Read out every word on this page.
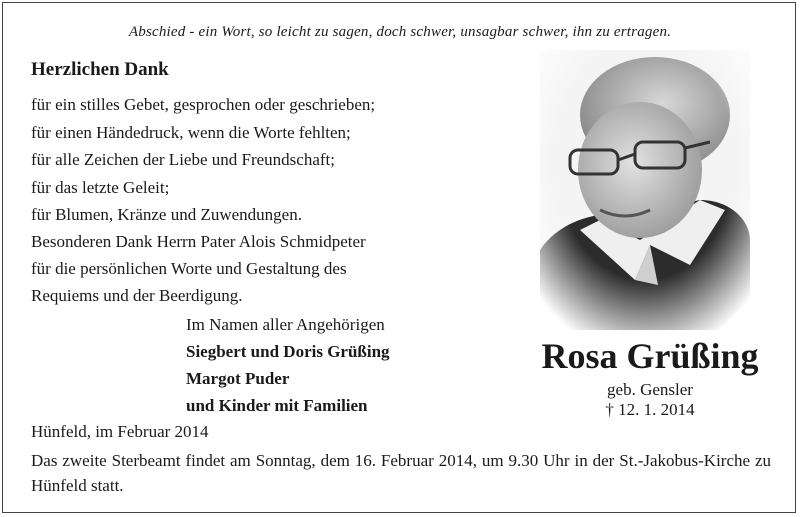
Abschied - ein Wort, so leicht zu sagen, doch schwer, unsagbar schwer, ihn zu ertragen.
Herzlichen Dank
für ein stilles Gebet, gesprochen oder geschrieben;
für einen Händedruck, wenn die Worte fehlten;
für alle Zeichen der Liebe und Freundschaft;
für das letzte Geleit;
für Blumen, Kränze und Zuwendungen.
Besonderen Dank Herrn Pater Alois Schmidpeter
für die persönlichen Worte und Gestaltung des
Requiems und der Beerdigung.
Im Namen aller Angehörigen
Siegbert und Doris Grüßing
Margot Puder
und Kinder mit Familien
Hünfeld, im Februar 2014
Das zweite Sterbeamt findet am Sonntag, dem 16. Februar 2014, um 9.30 Uhr in der St.-Jakobus-Kirche zu Hünfeld statt.
Rosa Grüßing
geb. Gensler
† 12. 1. 2014
